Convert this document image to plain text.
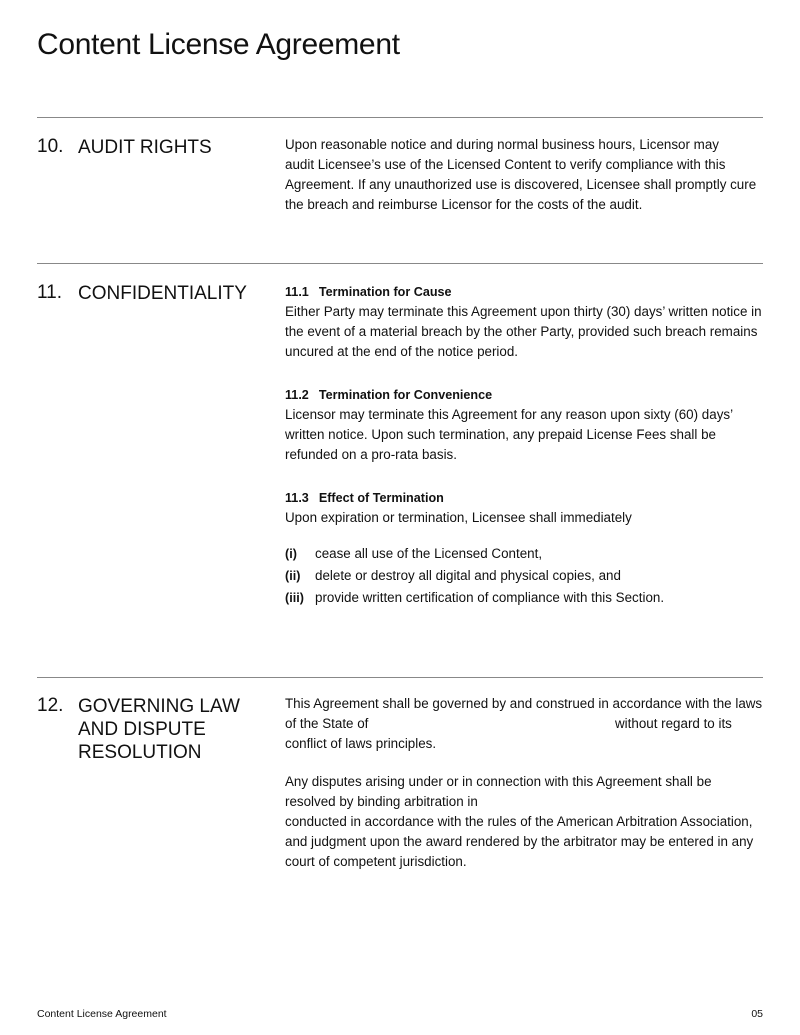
Content License Agreement
10. AUDIT RIGHTS	Upon reasonable notice and during normal business hours, Licensor may

audit Licensee’s use of the Licensed Content to verify compliance with this

Agreement. If any unauthorized use is discovered, Licensee shall promptly cure

the breach and reimburse Licensor for the costs of the audit.

11. CONFIDENTIALITY	11.1 Termination for Cause

Either Party may terminate this Agreement upon thirty (30) days’ written notice in

the event of a material breach by the other Party, provided such breach remains

uncured at the end of the notice period.

11.2 Termination for Convenience

Licensor may terminate this Agreement for any reason upon sixty (60) days’

written notice. Upon such termination, any prepaid License Fees shall be

refunded on a pro-rata basis.

11.3 Effect of Termination

Upon expiration or termination, Licensee shall immediately

(i)	cease all use of the Licensed Content,
(ii)	delete or destroy all digital and physical copies, and
(iii) provide written certification of compliance with this Section.
12. GOVERNING LAW AND DISPUTE RESOLUTION

This Agreement shall be governed by and construed in accordance with the laws

of the State of	without regard to its

conflict of laws principles.

Any disputes arising under or in connection with this Agreement shall be

resolved by binding arbitration in

conducted in accordance with the rules of the American Arbitration Association,

and judgment upon the award rendered by the arbitrator may be entered in any

court of competent jurisdiction.

Content License Agreement	05
